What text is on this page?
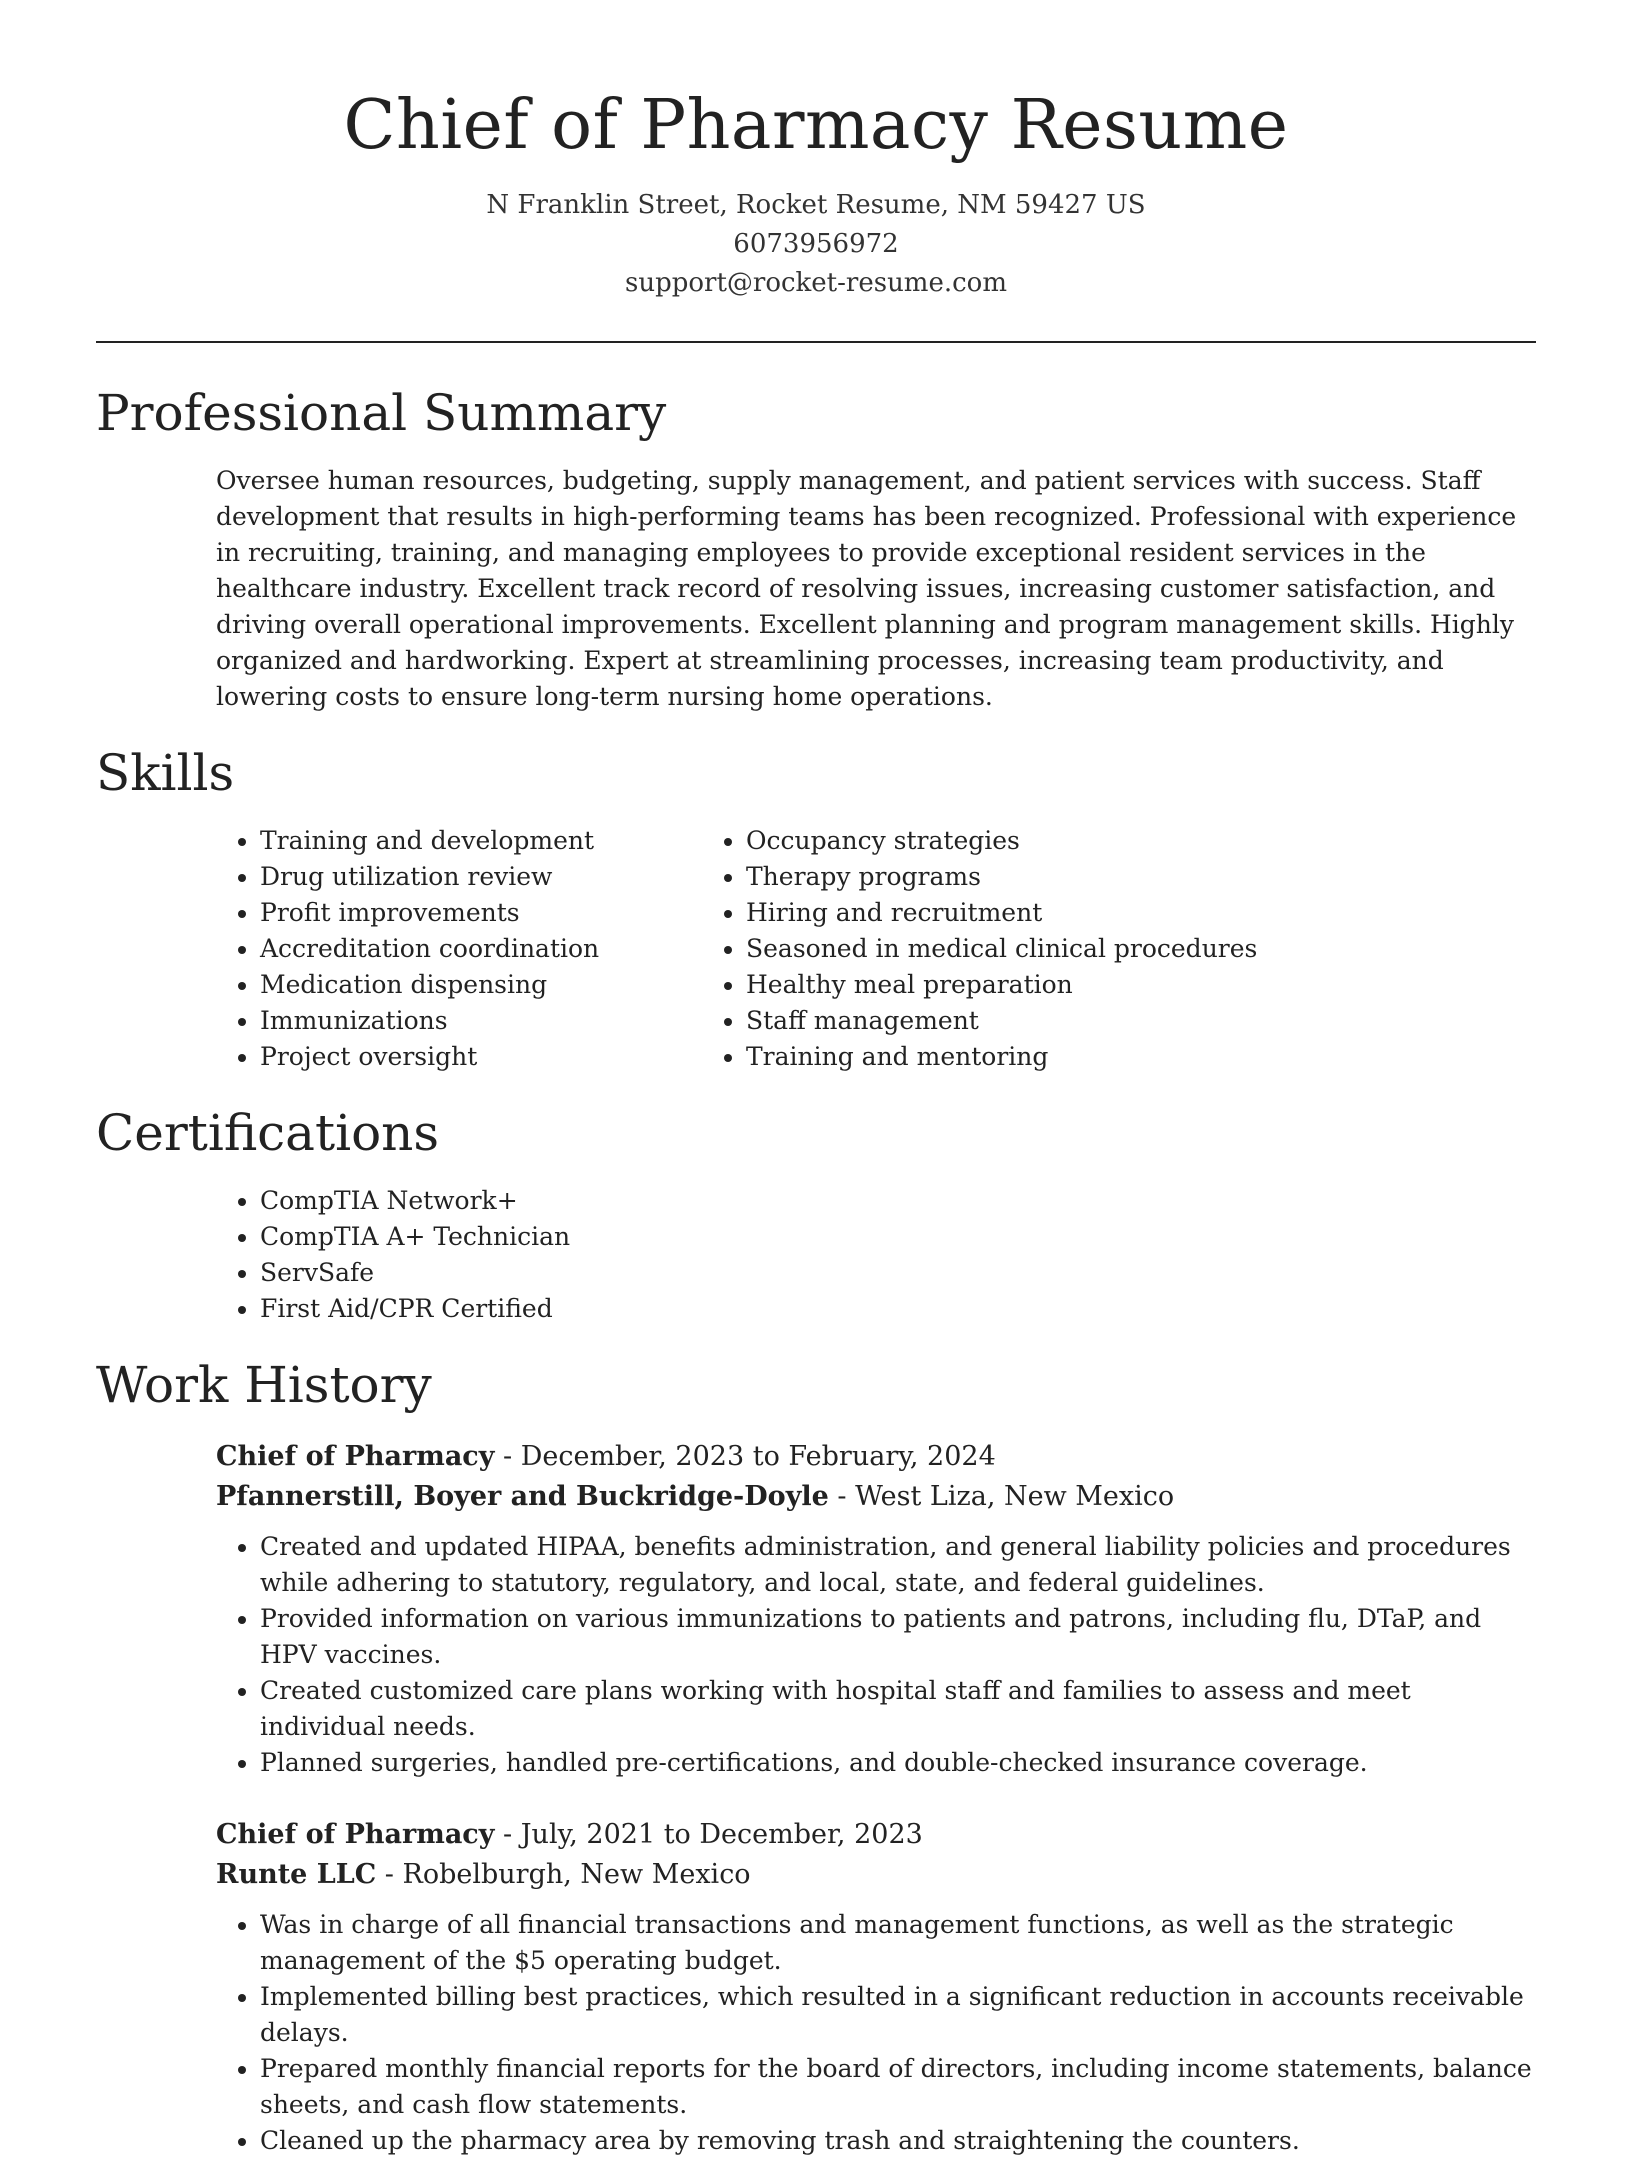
Chief of Pharmacy Resume
N Franklin Street, Rocket Resume, NM 59427 US
6073956972
support@rocket-resume.com
Professional Summary

Oversee human resources, budgeting, supply management, and patient services with success. Staff development that results in high-performing teams has been recognized. Professional with experience in recruiting, training, and managing employees to provide exceptional resident services in the healthcare industry. Excellent track record of resolving issues, increasing customer satisfaction, and driving overall operational improvements. Excellent planning and program management skills. Highly organized and hardworking. Expert at streamlining processes, increasing team productivity, and lowering costs to ensure long-term nursing home operations.

Skills
• Training and development
• Drug utilization review
• Profit improvements
• Accreditation coordination
• Medication dispensing
• Immunizations
• Project oversight
• Occupancy strategies
• Therapy programs
• Hiring and recruitment
• Seasoned in medical clinical procedures
• Healthy meal preparation
• Staff management
• Training and mentoring
Certifications
• CompTIA Network+
• CompTIA A+ Technician
• ServSafe
• First Aid/CPR Certified
Work History
Chief of Pharmacy - December, 2023 to February, 2024
Pfannerstill, Boyer and Buckridge-Doyle - West Liza, New Mexico
• Created and updated HIPAA, benefits administration, and general liability policies and procedures while adhering to statutory, regulatory, and local, state, and federal guidelines.
• Provided information on various immunizations to patients and patrons, including flu, DTaP, and HPV vaccines.
• Created customized care plans working with hospital staff and families to assess and meet individual needs.
• Planned surgeries, handled pre-certifications, and double-checked insurance coverage.
Chief of Pharmacy - July, 2021 to December, 2023
Runte LLC - Robelburgh, New Mexico
• Was in charge of all financial transactions and management functions, as well as the strategic management of the $5 operating budget.
• Implemented billing best practices, which resulted in a significant reduction in accounts receivable delays.
• Prepared monthly financial reports for the board of directors, including income statements, balance sheets, and cash flow statements.
• Cleaned up the pharmacy area by removing trash and straightening the counters.
